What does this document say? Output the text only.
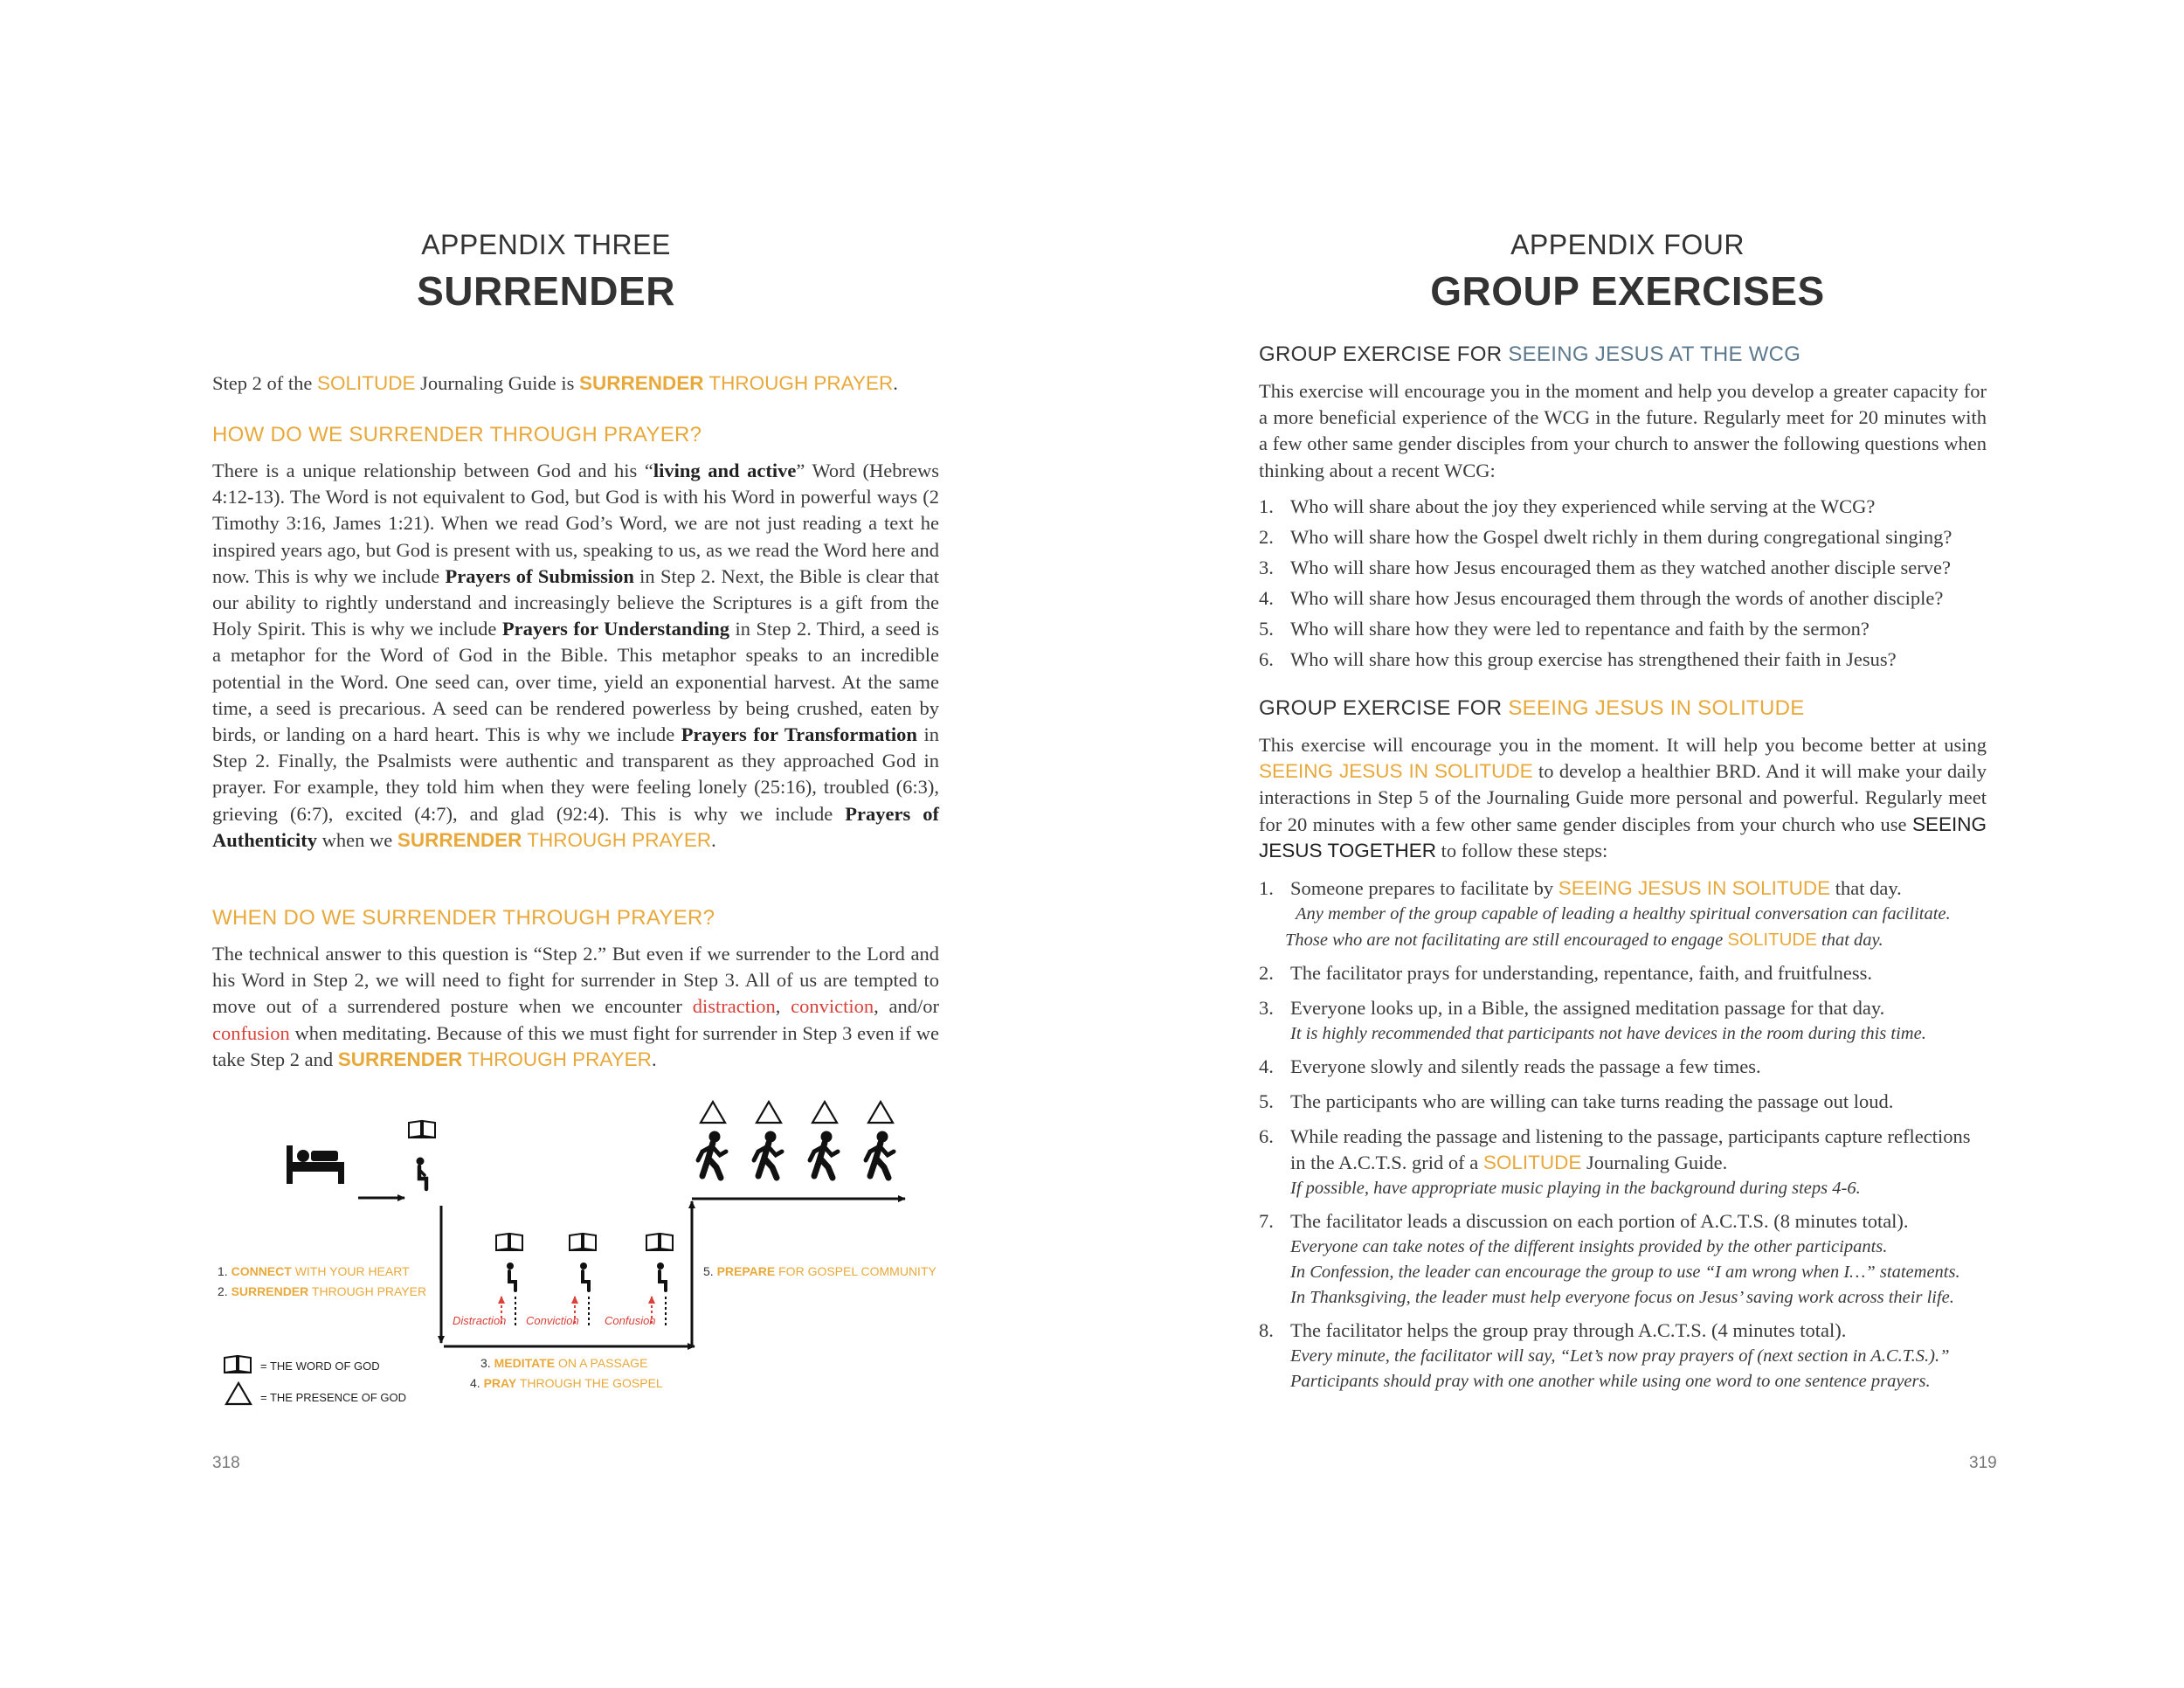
APPENDIX THREE
SURRENDER
Step 2 of the SOLITUDE Journaling Guide is SURRENDER THROUGH PRAYER.
HOW DO WE SURRENDER THROUGH PRAYER?
There is a unique relationship between God and his “living and active” Word (Hebrews 4:12-13). The Word is not equivalent to God, but God is with his Word in powerful ways (2 Timothy 3:16, James 1:21). When we read God’s Word, we are not just reading a text he inspired years ago, but God is present with us, speaking to us, as we read the Word here and now. This is why we include Prayers of Submission in Step 2. Next, the Bible is clear that our ability to rightly understand and increasingly believe the Scriptures is a gift from the Holy Spirit. This is why we include Prayers for Understanding in Step 2. Third, a seed is a metaphor for the Word of God in the Bible. This metaphor speaks to an incredible potential in the Word. One seed can, over time, yield an exponential harvest. At the same time, a seed is precarious. A seed can be rendered powerless by being crushed, eaten by birds, or landing on a hard heart. This is why we include Prayers for Transformation in Step 2. Finally, the Psalmists were authentic and transparent as they approached God in prayer. For example, they told him when they were feeling lonely (25:16), troubled (6:3), grieving (6:7), excited (4:7), and glad (92:4). This is why we include Prayers of Authenticity when we SURRENDER THROUGH PRAYER.
WHEN DO WE SURRENDER THROUGH PRAYER?
The technical answer to this question is “Step 2.” But even if we surrender to the Lord and his Word in Step 2, we will need to fight for surrender in Step 3. All of us are tempted to move out of a surrendered posture when we encounter distraction, conviction, and/or confusion when meditating. Because of this we must fight for surrender in Step 3 even if we take Step 2 and SURRENDER THROUGH PRAYER.
1. CONNECT WITH YOUR HEART
2. SURRENDER THROUGH PRAYER
Distraction Conviction Confusion
3. MEDITATE ON A PASSAGE
4. PRAY THROUGH THE GOSPEL
5. PREPARE FOR GOSPEL COMMUNITY
= THE WORD OF GOD
= THE PRESENCE OF GOD
318
APPENDIX FOUR
GROUP EXERCISES
GROUP EXERCISE FOR SEEING JESUS AT THE WCG
This exercise will encourage you in the moment and help you develop a greater capacity for a more beneficial experience of the WCG in the future. Regularly meet for 20 minutes with a few other same gender disciples from your church to answer the following questions when thinking about a recent WCG:
1. Who will share about the joy they experienced while serving at the WCG?
2. Who will share how the Gospel dwelt richly in them during congregational singing?
3. Who will share how Jesus encouraged them as they watched another disciple serve?
4. Who will share how Jesus encouraged them through the words of another disciple?
5. Who will share how they were led to repentance and faith by the sermon?
6. Who will share how this group exercise has strengthened their faith in Jesus?
GROUP EXERCISE FOR SEEING JESUS IN SOLITUDE
This exercise will encourage you in the moment. It will help you become better at using SEEING JESUS IN SOLITUDE to develop a healthier BRD. And it will make your daily interactions in Step 5 of the Journaling Guide more personal and powerful. Regularly meet for 20 minutes with a few other same gender disciples from your church who use SEEING JESUS TOGETHER to follow these steps:
1. Someone prepares to facilitate by SEEING JESUS IN SOLITUDE that day.
Any member of the group capable of leading a healthy spiritual conversation can facilitate.
Those who are not facilitating are still encouraged to engage SOLITUDE that day.
2. The facilitator prays for understanding, repentance, faith, and fruitfulness.
3. Everyone looks up, in a Bible, the assigned meditation passage for that day.
It is highly recommended that participants not have devices in the room during this time.
4. Everyone slowly and silently reads the passage a few times.
5. The participants who are willing can take turns reading the passage out loud.
6. While reading the passage and listening to the passage, participants capture reflections in the A.C.T.S. grid of a SOLITUDE Journaling Guide.
If possible, have appropriate music playing in the background during steps 4-6.
7. The facilitator leads a discussion on each portion of A.C.T.S. (8 minutes total).
Everyone can take notes of the different insights provided by the other participants.
In Confession, the leader can encourage the group to use “I am wrong when I…” statements.
In Thanksgiving, the leader must help everyone focus on Jesus’ saving work across their life.
8. The facilitator helps the group pray through A.C.T.S. (4 minutes total).
Every minute, the facilitator will say, “Let’s now pray prayers of (next section in A.C.T.S.).”
Participants should pray with one another while using one word to one sentence prayers.
319
